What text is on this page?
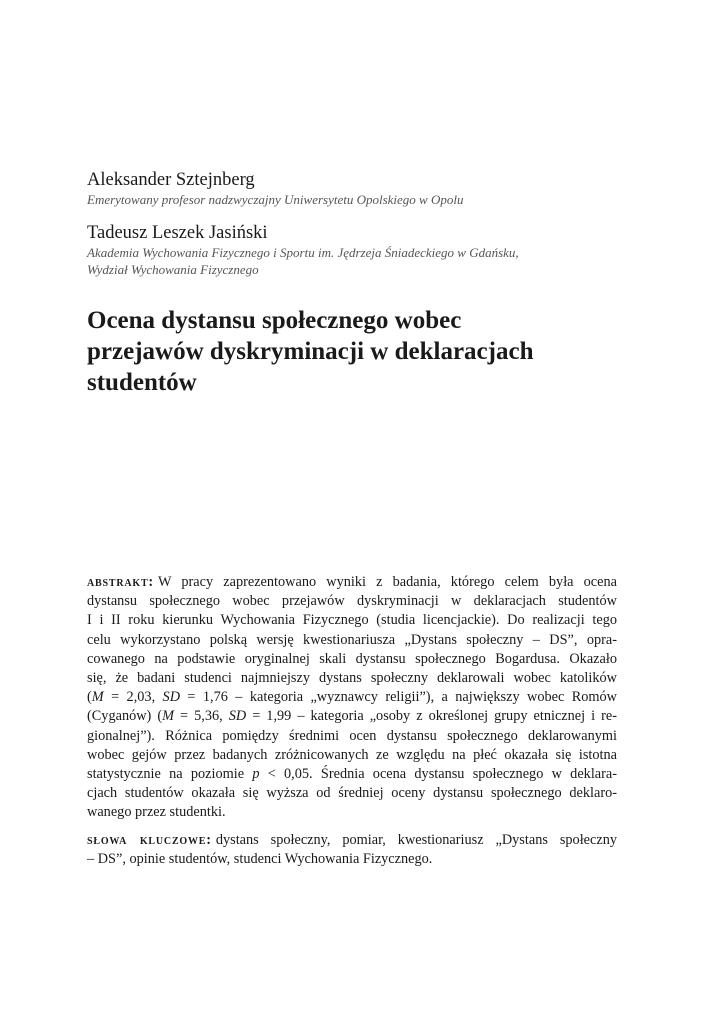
Aleksander Sztejnberg

Emerytowany profesor nadzwyczajny Uniwersytetu Opolskiego w Opolu

Tadeusz Leszek Jasiński

Akademia Wychowania Fizycznego i Sportu im. Jędrzeja Śniadeckiego w Gdańsku,

Wydział Wychowania Fizycznego

Ocena dystansu społecznego wobec
przejawów dyskryminacji w deklaracjach
studentów
abstrakt: W pracy zaprezentowano wyniki z badania, którego celem była ocena
dystansu społecznego wobec przejawów dyskryminacji w deklaracjach studentów
I i II roku kierunku Wychowania Fizycznego (studia licencjackie). Do realizacji tego
celu wykorzystano polską wersję kwestionariusza „Dystans społeczny – DS”, opra-
cowanego na podstawie oryginalnej skali dystansu społecznego Bogardusa. Okazało
się, że badani studenci najmniejszy dystans społeczny deklarowali wobec katolików
(M = 2,03, SD = 1,76 – kategoria „wyznawcy religii”), a największy wobec Romów
(Cyganów) (M = 5,36, SD = 1,99 – kategoria „osoby z określonej grupy etnicznej i re-
gionalnej”). Różnica pomiędzy średnimi ocen dystansu społecznego deklarowanymi
wobec gejów przez badanych zróżnicowanych ze względu na płeć okazała się istotna
statystycznie na poziomie p < 0,05. Średnia ocena dystansu społecznego w deklara-
cjach studentów okazała się wyższa od średniej oceny dystansu społecznego deklaro-
wanego przez studentki.
słowa kluczowe: dystans społeczny, pomiar, kwestionariusz „Dystans społeczny
– DS”, opinie studentów, studenci Wychowania Fizycznego.
